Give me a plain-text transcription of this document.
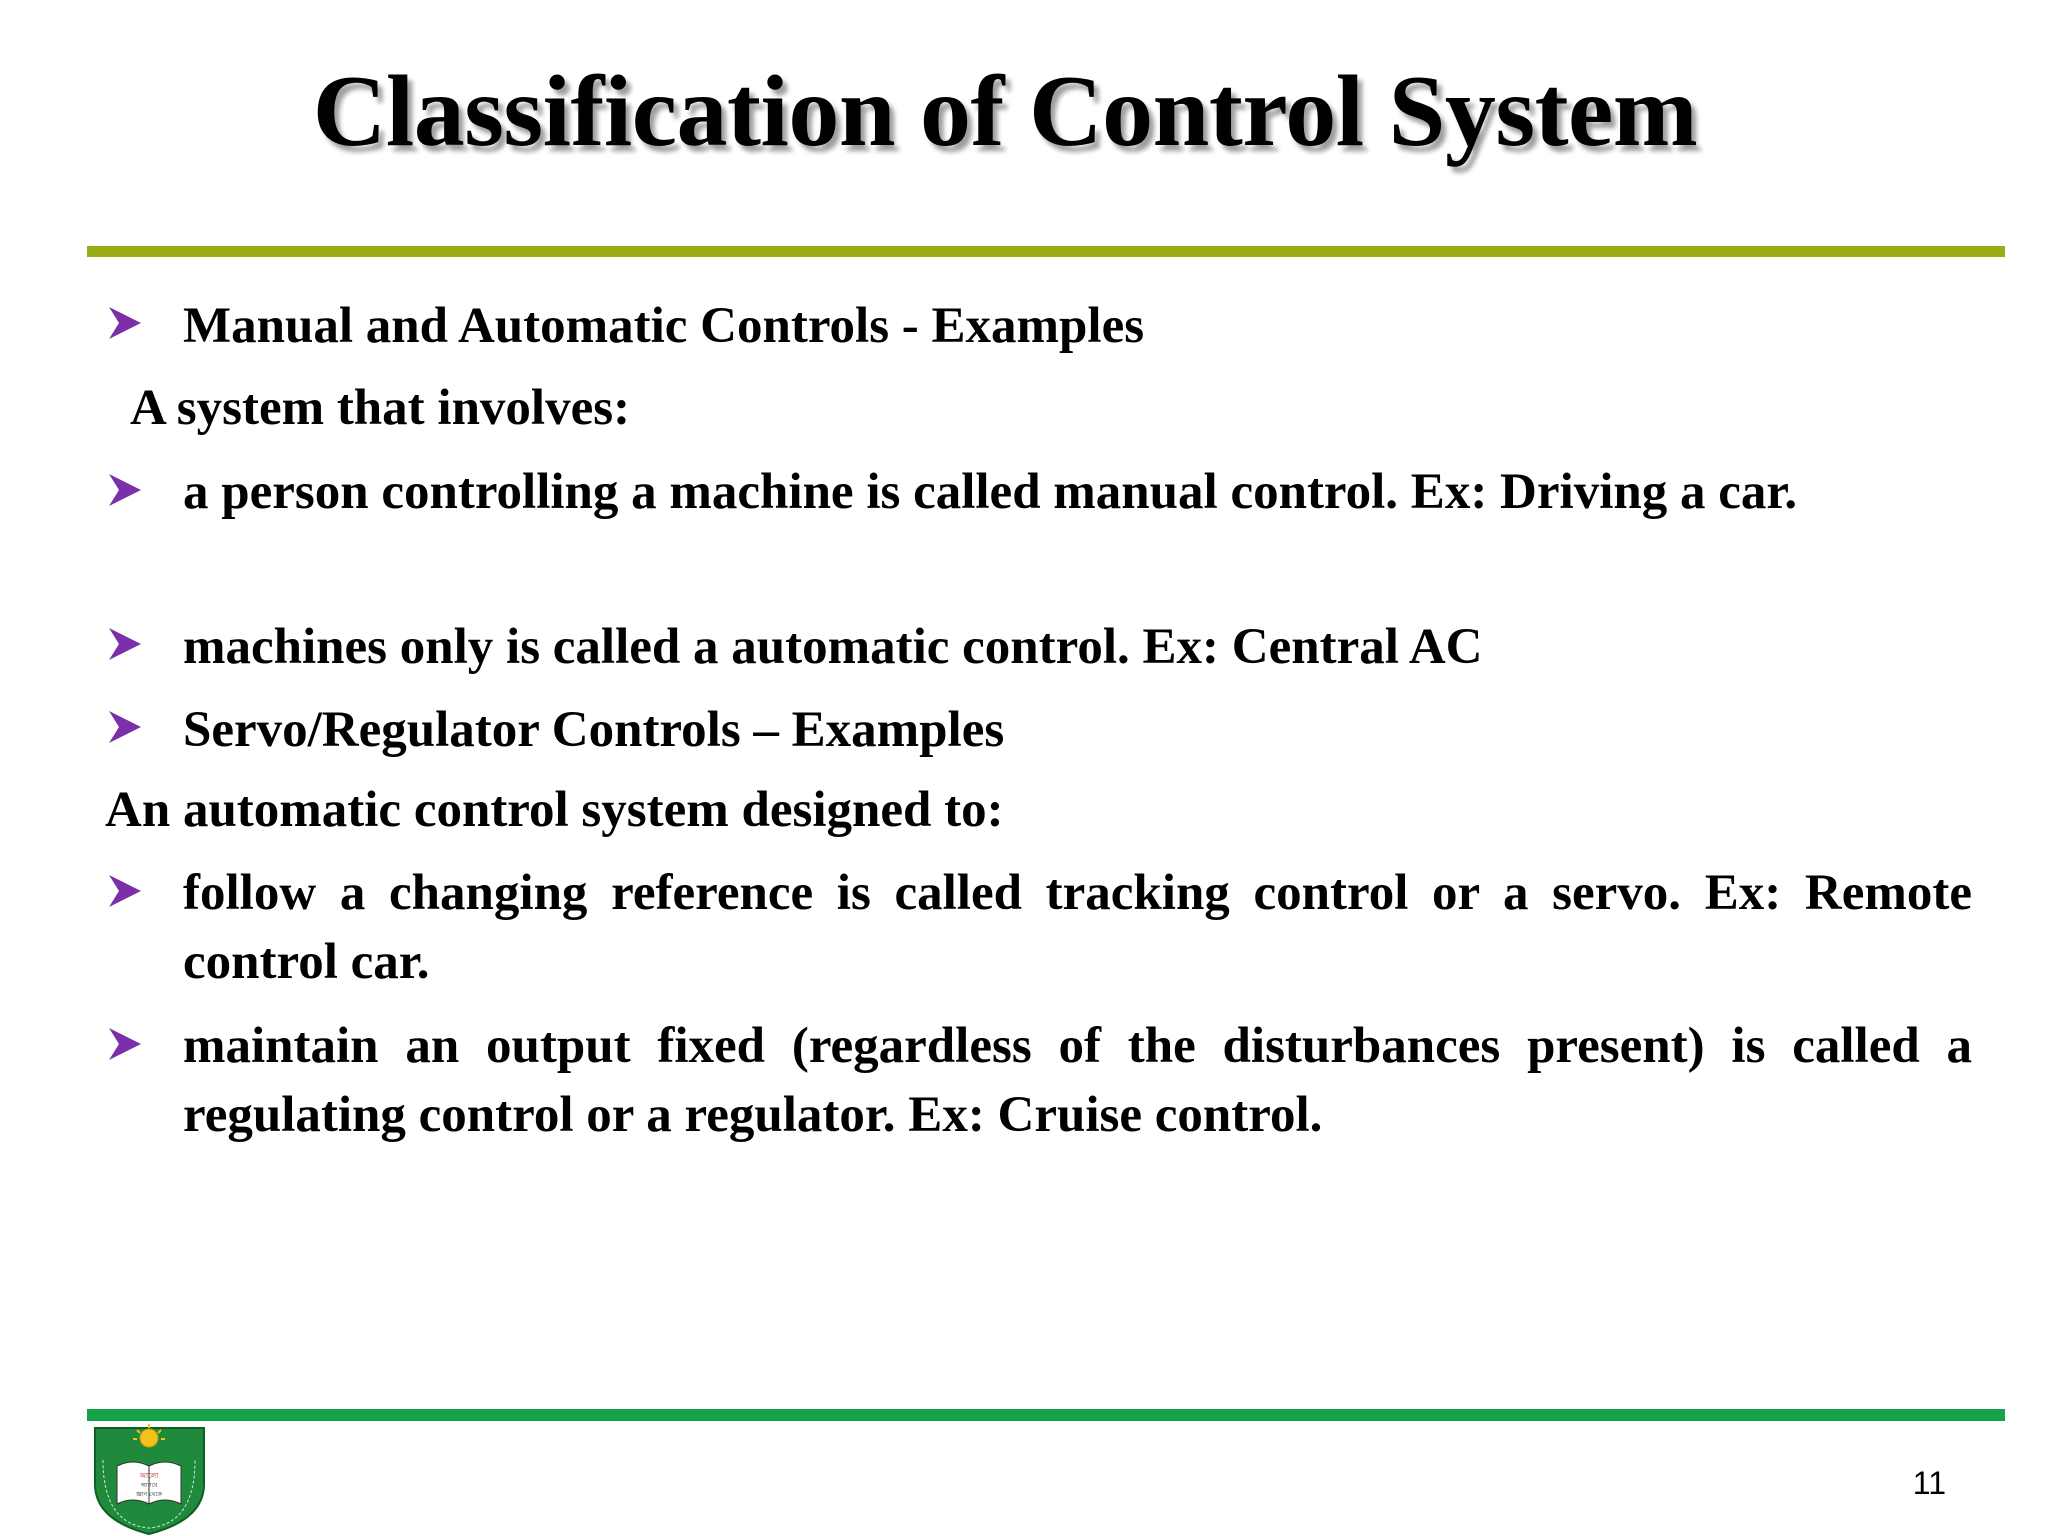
Classification of Control System
Manual and Automatic Controls - Examples
A system that involves:
a person controlling a machine is called manual control. Ex: Driving a car.
machines only is called a automatic control. Ex: Central AC
Servo/Regulator Controls – Examples
An automatic control system designed to:
follow a changing reference is called tracking control or a servo. Ex: Remote control car.
maintain an output fixed (regardless of the disturbances present) is called a regulating control or a regulator. Ex: Cruise control.
আলো
আসবে
জ্ঞান থেকে	11
